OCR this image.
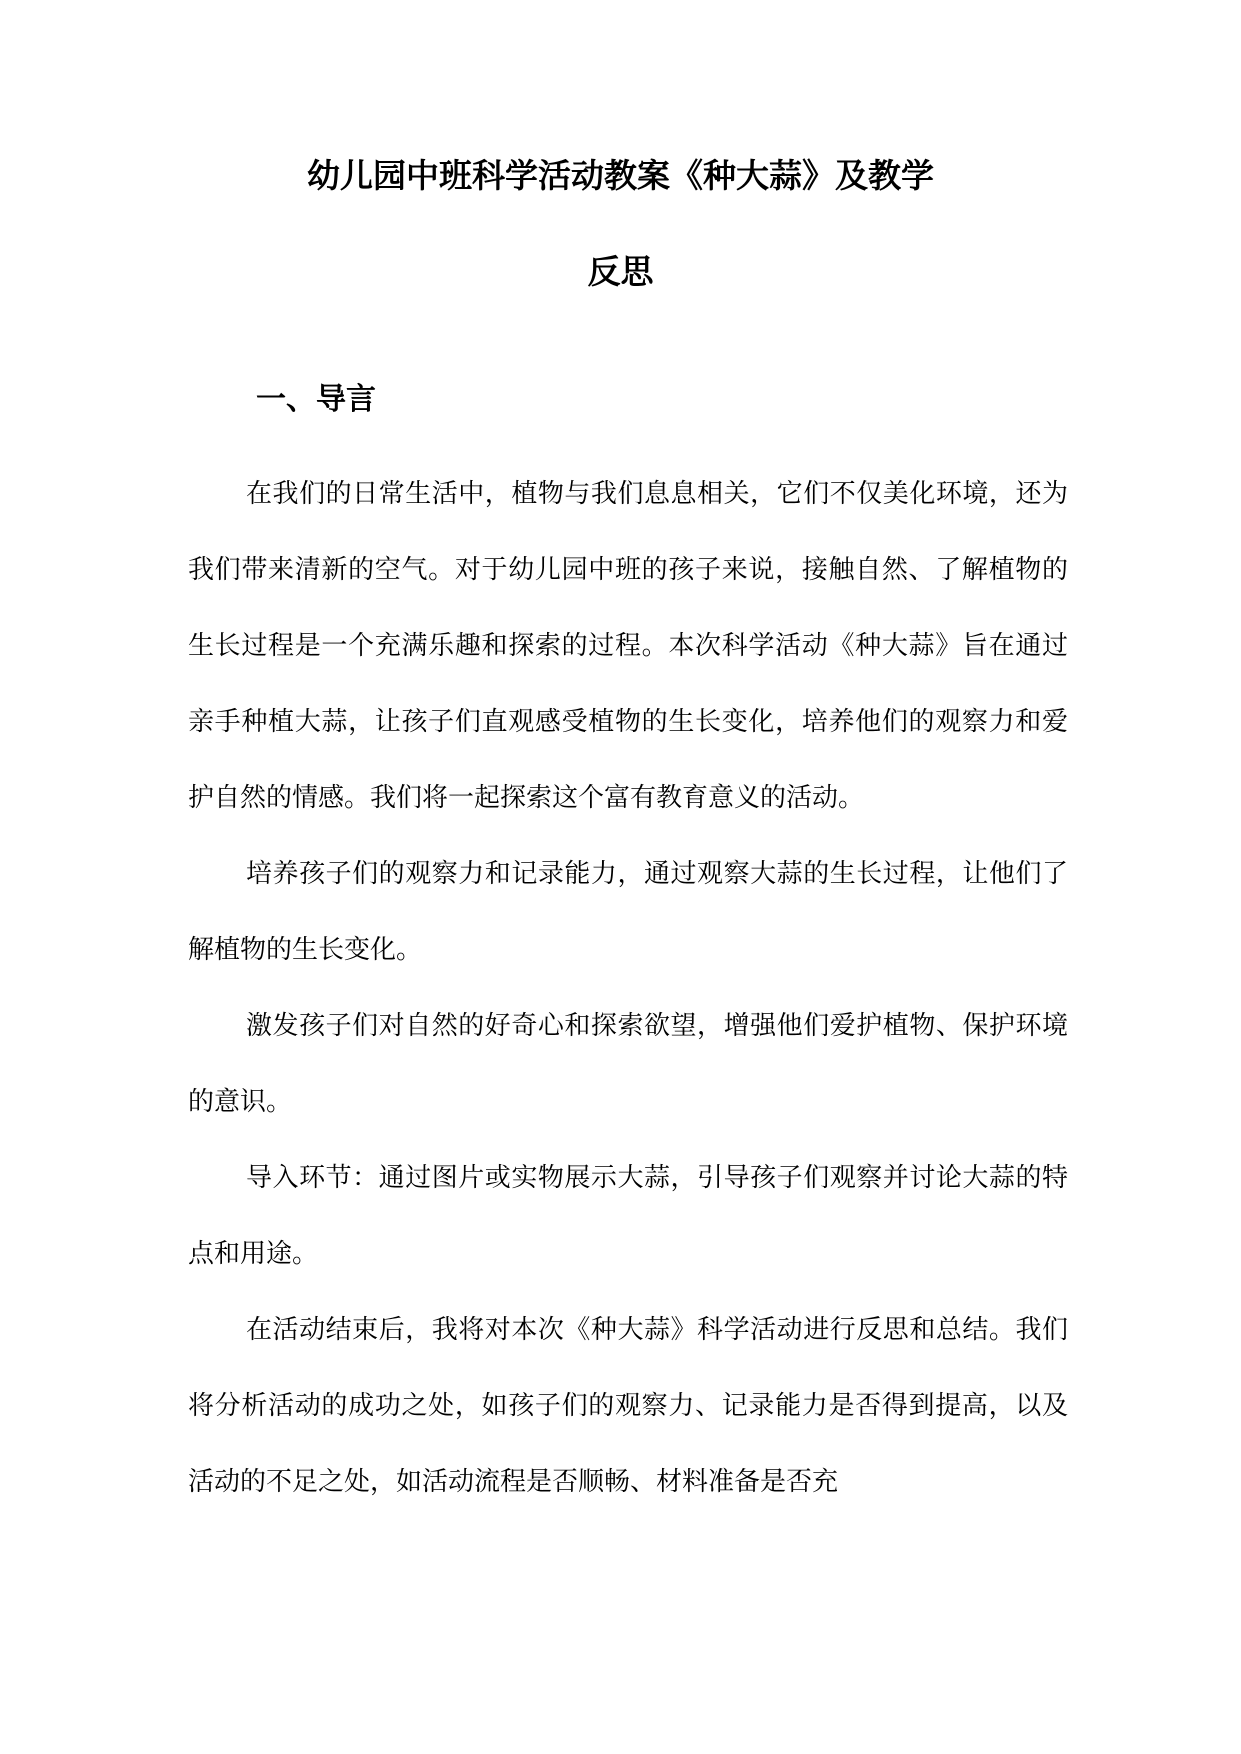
幼儿园中班科学活动教案《种大蒜》及教学
反思
一、导言

在我们的日常生活中，植物与我们息息相关，它们不仅美化环境，还为我们带来清新的空气。对于幼儿园中班的孩子来说，接触自然、了解植物的生长过程是一个充满乐趣和探索的过程。本次科学活动《种大蒜》旨在通过亲手种植大蒜，让孩子们直观感受植物的生长变化，培养他们的观察力和爱护自然的情感。我们将一起探索这个富有教育意义的活动。

培养孩子们的观察力和记录能力，通过观察大蒜的生长过程，让他们了解植物的生长变化。

激发孩子们对自然的好奇心和探索欲望，增强他们爱护植物、保护环境的意识。

导入环节：通过图片或实物展示大蒜，引导孩子们观察并讨论大蒜的特点和用途。

在活动结束后，我将对本次《种大蒜》科学活动进行反思和总结。我们将分析活动的成功之处，如孩子们的观察力、记录能力是否得到提高，以及活动的不足之处，如活动流程是否顺畅、材料准备是否充
